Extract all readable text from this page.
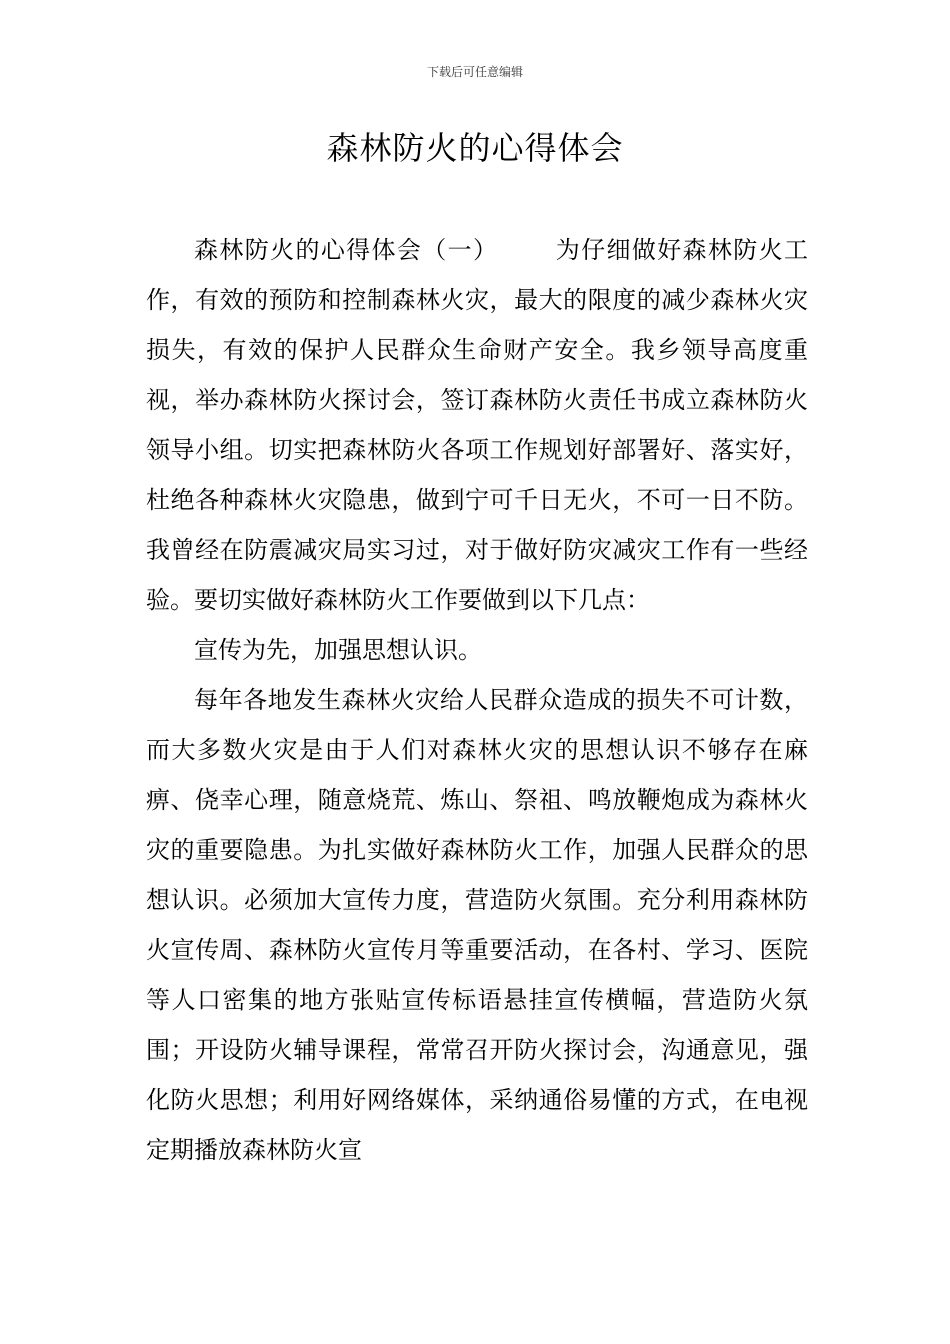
下载后可任意编辑
森林防火的心得体会

森林防火的心得体会（一） 为仔细做好森林防火工作，有效的预防和控制森林火灾，最大的限度的减少森林火灾损失，有效的保护人民群众生命财产安全。我乡领导高度重视，举办森林防火探讨会，签订森林防火责任书成立森林防火领导小组。切实把森林防火各项工作规划好部署好、落实好，杜绝各种森林火灾隐患，做到宁可千日无火，不可一日不防。我曾经在防震减灾局实习过，对于做好防灾减灾工作有一些经验。要切实做好森林防火工作要做到以下几点：

宣传为先，加强思想认识。

每年各地发生森林火灾给人民群众造成的损失不可计数，而大多数火灾是由于人们对森林火灾的思想认识不够存在麻痹、侥幸心理，随意烧荒、炼山、祭祖、鸣放鞭炮成为森林火灾的重要隐患。为扎实做好森林防火工作，加强人民群众的思想认识。必须加大宣传力度，营造防火氛围。充分利用森林防火宣传周、森林防火宣传月等重要活动，在各村、学习、医院等人口密集的地方张贴宣传标语悬挂宣传横幅，营造防火氛围；开设防火辅导课程，常常召开防火探讨会，沟通意见，强化防火思想；利用好网络媒体，采纳通俗易懂的方式，在电视定期播放森林防火宣
